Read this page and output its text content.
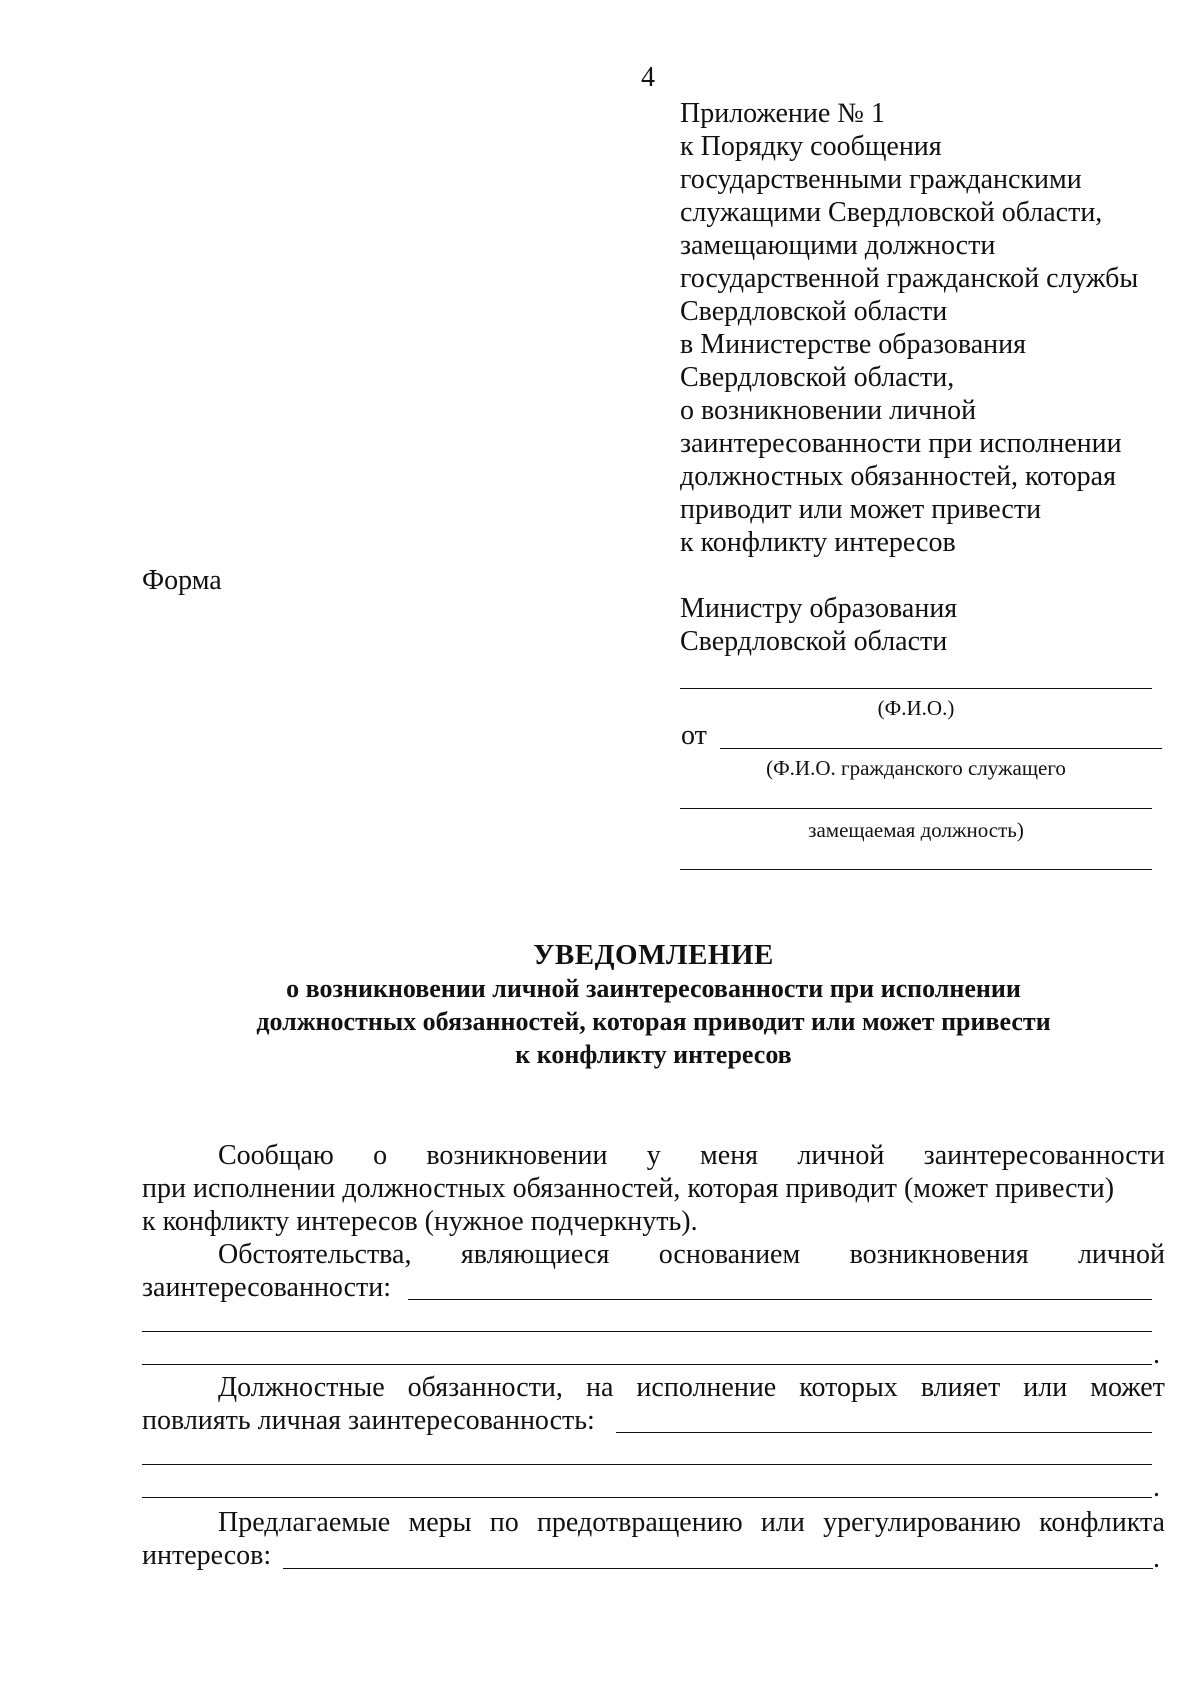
4
Приложение № 1
к Порядку сообщения
государственными гражданскими
служащими Свердловской области,
замещающими должности
государственной гражданской службы
Свердловской области
в Министерстве образования
Свердловской области,
о возникновении личной
заинтересованности при исполнении
должностных обязанностей, которая
приводит или может привести
к конфликту интересов
Форма
Министру образования
Свердловской области
(Ф.И.О.)
от
(Ф.И.О. гражданского служащего
замещаемая должность)
УВЕДОМЛЕНИЕ
о возникновении личной заинтересованности при исполнении
должностных обязанностей, которая приводит или может привести
к конфликту интересов
Сообщаю о возникновении у меня личной заинтересованности
при исполнении должностных обязанностей, которая приводит (может привести)
к конфликту интересов (нужное подчеркнуть).
Обстоятельства, являющиеся основанием возникновения личной
заинтересованности:
.
Должностные обязанности, на исполнение которых влияет или может
повлиять личная заинтересованность:
.
Предлагаемые меры по предотвращению или урегулированию конфликта
интересов:	.
